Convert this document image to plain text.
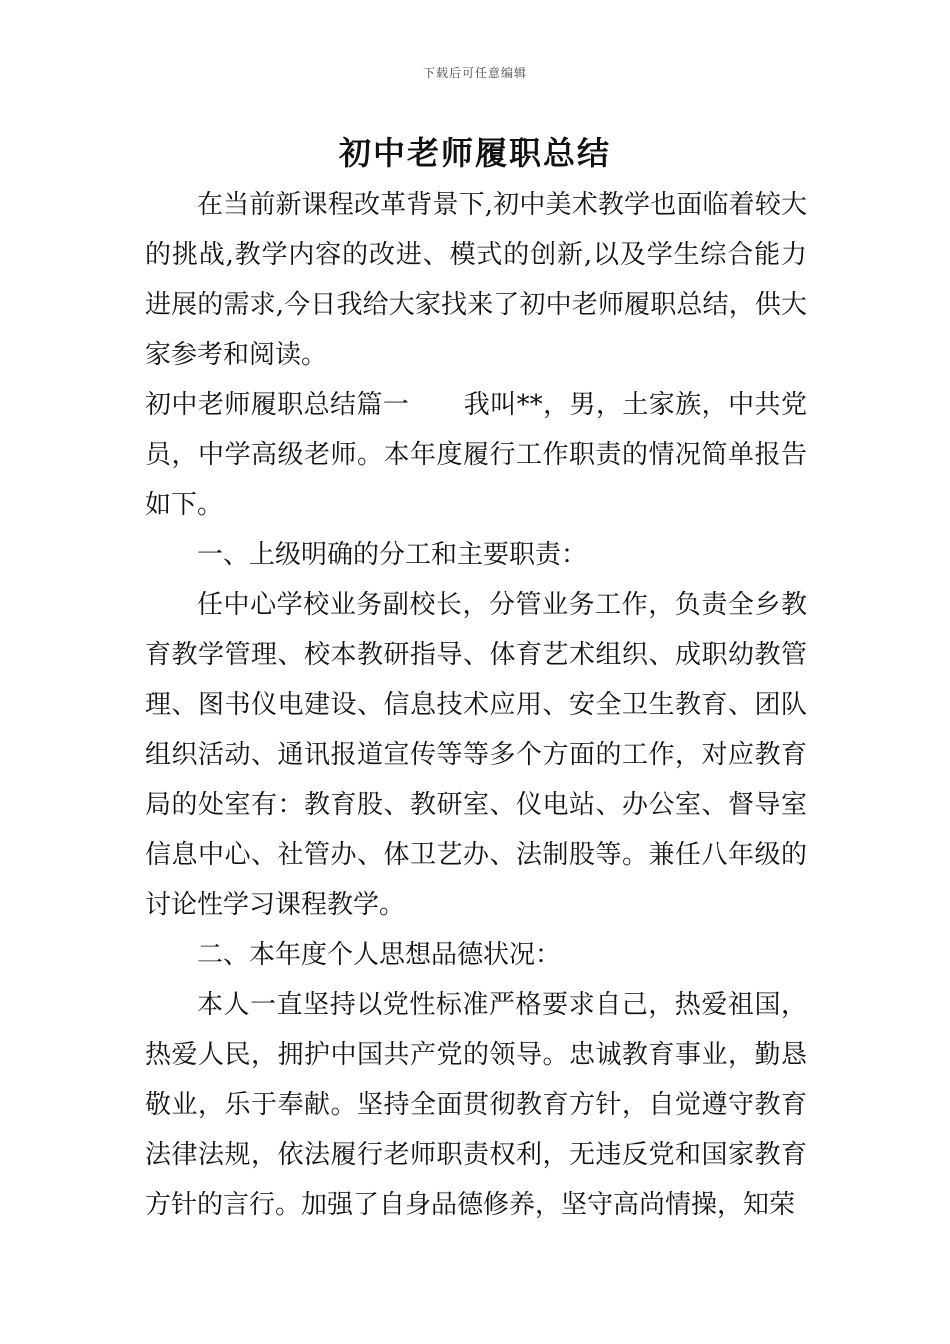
下载后可任意编辑
初中老师履职总结

在当前新课程改革背景下,初中美术教学也面临着较大的挑战,教学内容的改进、模式的创新,以及学生综合能力进展的需求,今日我给大家找来了初中老师履职总结，供大家参考和阅读。

初中老师履职总结篇一 我叫**，男，土家族，中共党员，中学高级老师。本年度履行工作职责的情况简单报告如下。

一、上级明确的分工和主要职责：

任中心学校业务副校长，分管业务工作，负责全乡教育教学管理、校本教研指导、体育艺术组织、成职幼教管理、图书仪电建设、信息技术应用、安全卫生教育、团队组织活动、通讯报道宣传等等多个方面的工作，对应教育局的处室有：教育股、教研室、仪电站、办公室、督导室信息中心、社管办、体卫艺办、法制股等。兼任八年级的讨论性学习课程教学。

二、本年度个人思想品德状况：

本人一直坚持以党性标准严格要求自己，热爱祖国，热爱人民，拥护中国共产党的领导。忠诚教育事业，勤恳敬业，乐于奉献。坚持全面贯彻教育方针，自觉遵守教育法律法规，依法履行老师职责权利，无违反党和国家教育方针的言行。加强了自身品德修养，坚守高尚情操，知荣
